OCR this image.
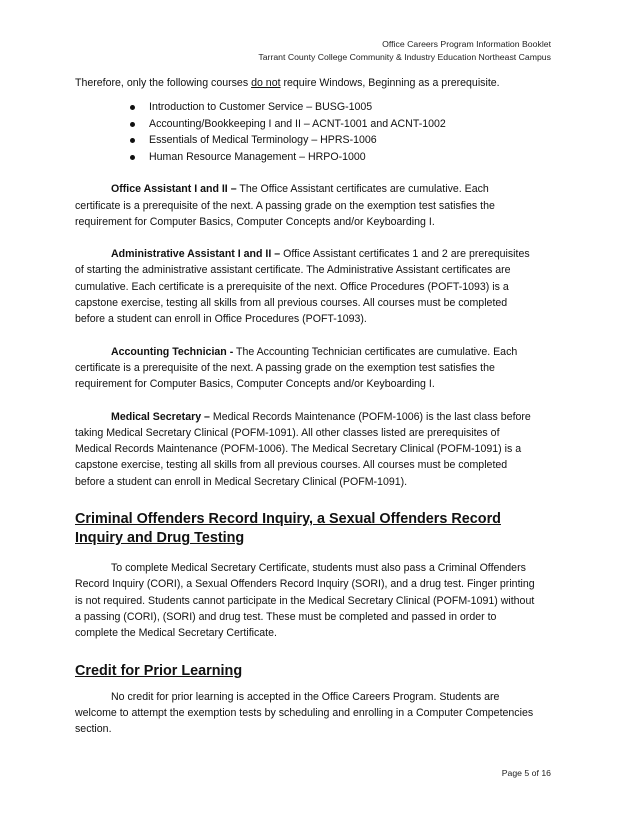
Office Careers Program Information Booklet
Tarrant County College Community & Industry Education Northeast Campus

Therefore, only the following courses do not require Windows, Beginning as a prerequisite.

Introduction to Customer Service – BUSG-1005
Accounting/Bookkeeping I and II – ACNT-1001 and ACNT-1002
Essentials of Medical Terminology – HPRS-1006
Human Resource Management – HRPO-1000

Office Assistant I and II – The Office Assistant certificates are cumulative. Each certificate is a prerequisite of the next. A passing grade on the exemption test satisfies the requirement for Computer Basics, Computer Concepts and/or Keyboarding I.

Administrative Assistant I and II – Office Assistant certificates 1 and 2 are prerequisites of starting the administrative assistant certificate. The Administrative Assistant certificates are cumulative. Each certificate is a prerequisite of the next. Office Procedures (POFT-1093) is a capstone exercise, testing all skills from all previous courses. All courses must be completed before a student can enroll in Office Procedures (POFT-1093).

Accounting Technician - The Accounting Technician certificates are cumulative. Each certificate is a prerequisite of the next. A passing grade on the exemption test satisfies the requirement for Computer Basics, Computer Concepts and/or Keyboarding I.

Medical Secretary – Medical Records Maintenance (POFM-1006) is the last class before taking Medical Secretary Clinical (POFM-1091). All other classes listed are prerequisites of Medical Records Maintenance (POFM-1006). The Medical Secretary Clinical (POFM-1091) is a capstone exercise, testing all skills from all previous courses. All courses must be completed before a student can enroll in Medical Secretary Clinical (POFM-1091).

Criminal Offenders Record Inquiry, a Sexual Offenders Record Inquiry and Drug Testing

To complete Medical Secretary Certificate, students must also pass a Criminal Offenders Record Inquiry (CORI), a Sexual Offenders Record Inquiry (SORI), and a drug test. Finger printing is not required. Students cannot participate in the Medical Secretary Clinical (POFM-1091) without a passing (CORI), (SORI) and drug test. These must be completed and passed in order to complete the Medical Secretary Certificate.

Credit for Prior Learning

No credit for prior learning is accepted in the Office Careers Program. Students are welcome to attempt the exemption tests by scheduling and enrolling in a Computer Competencies section.

Page 5 of 16
